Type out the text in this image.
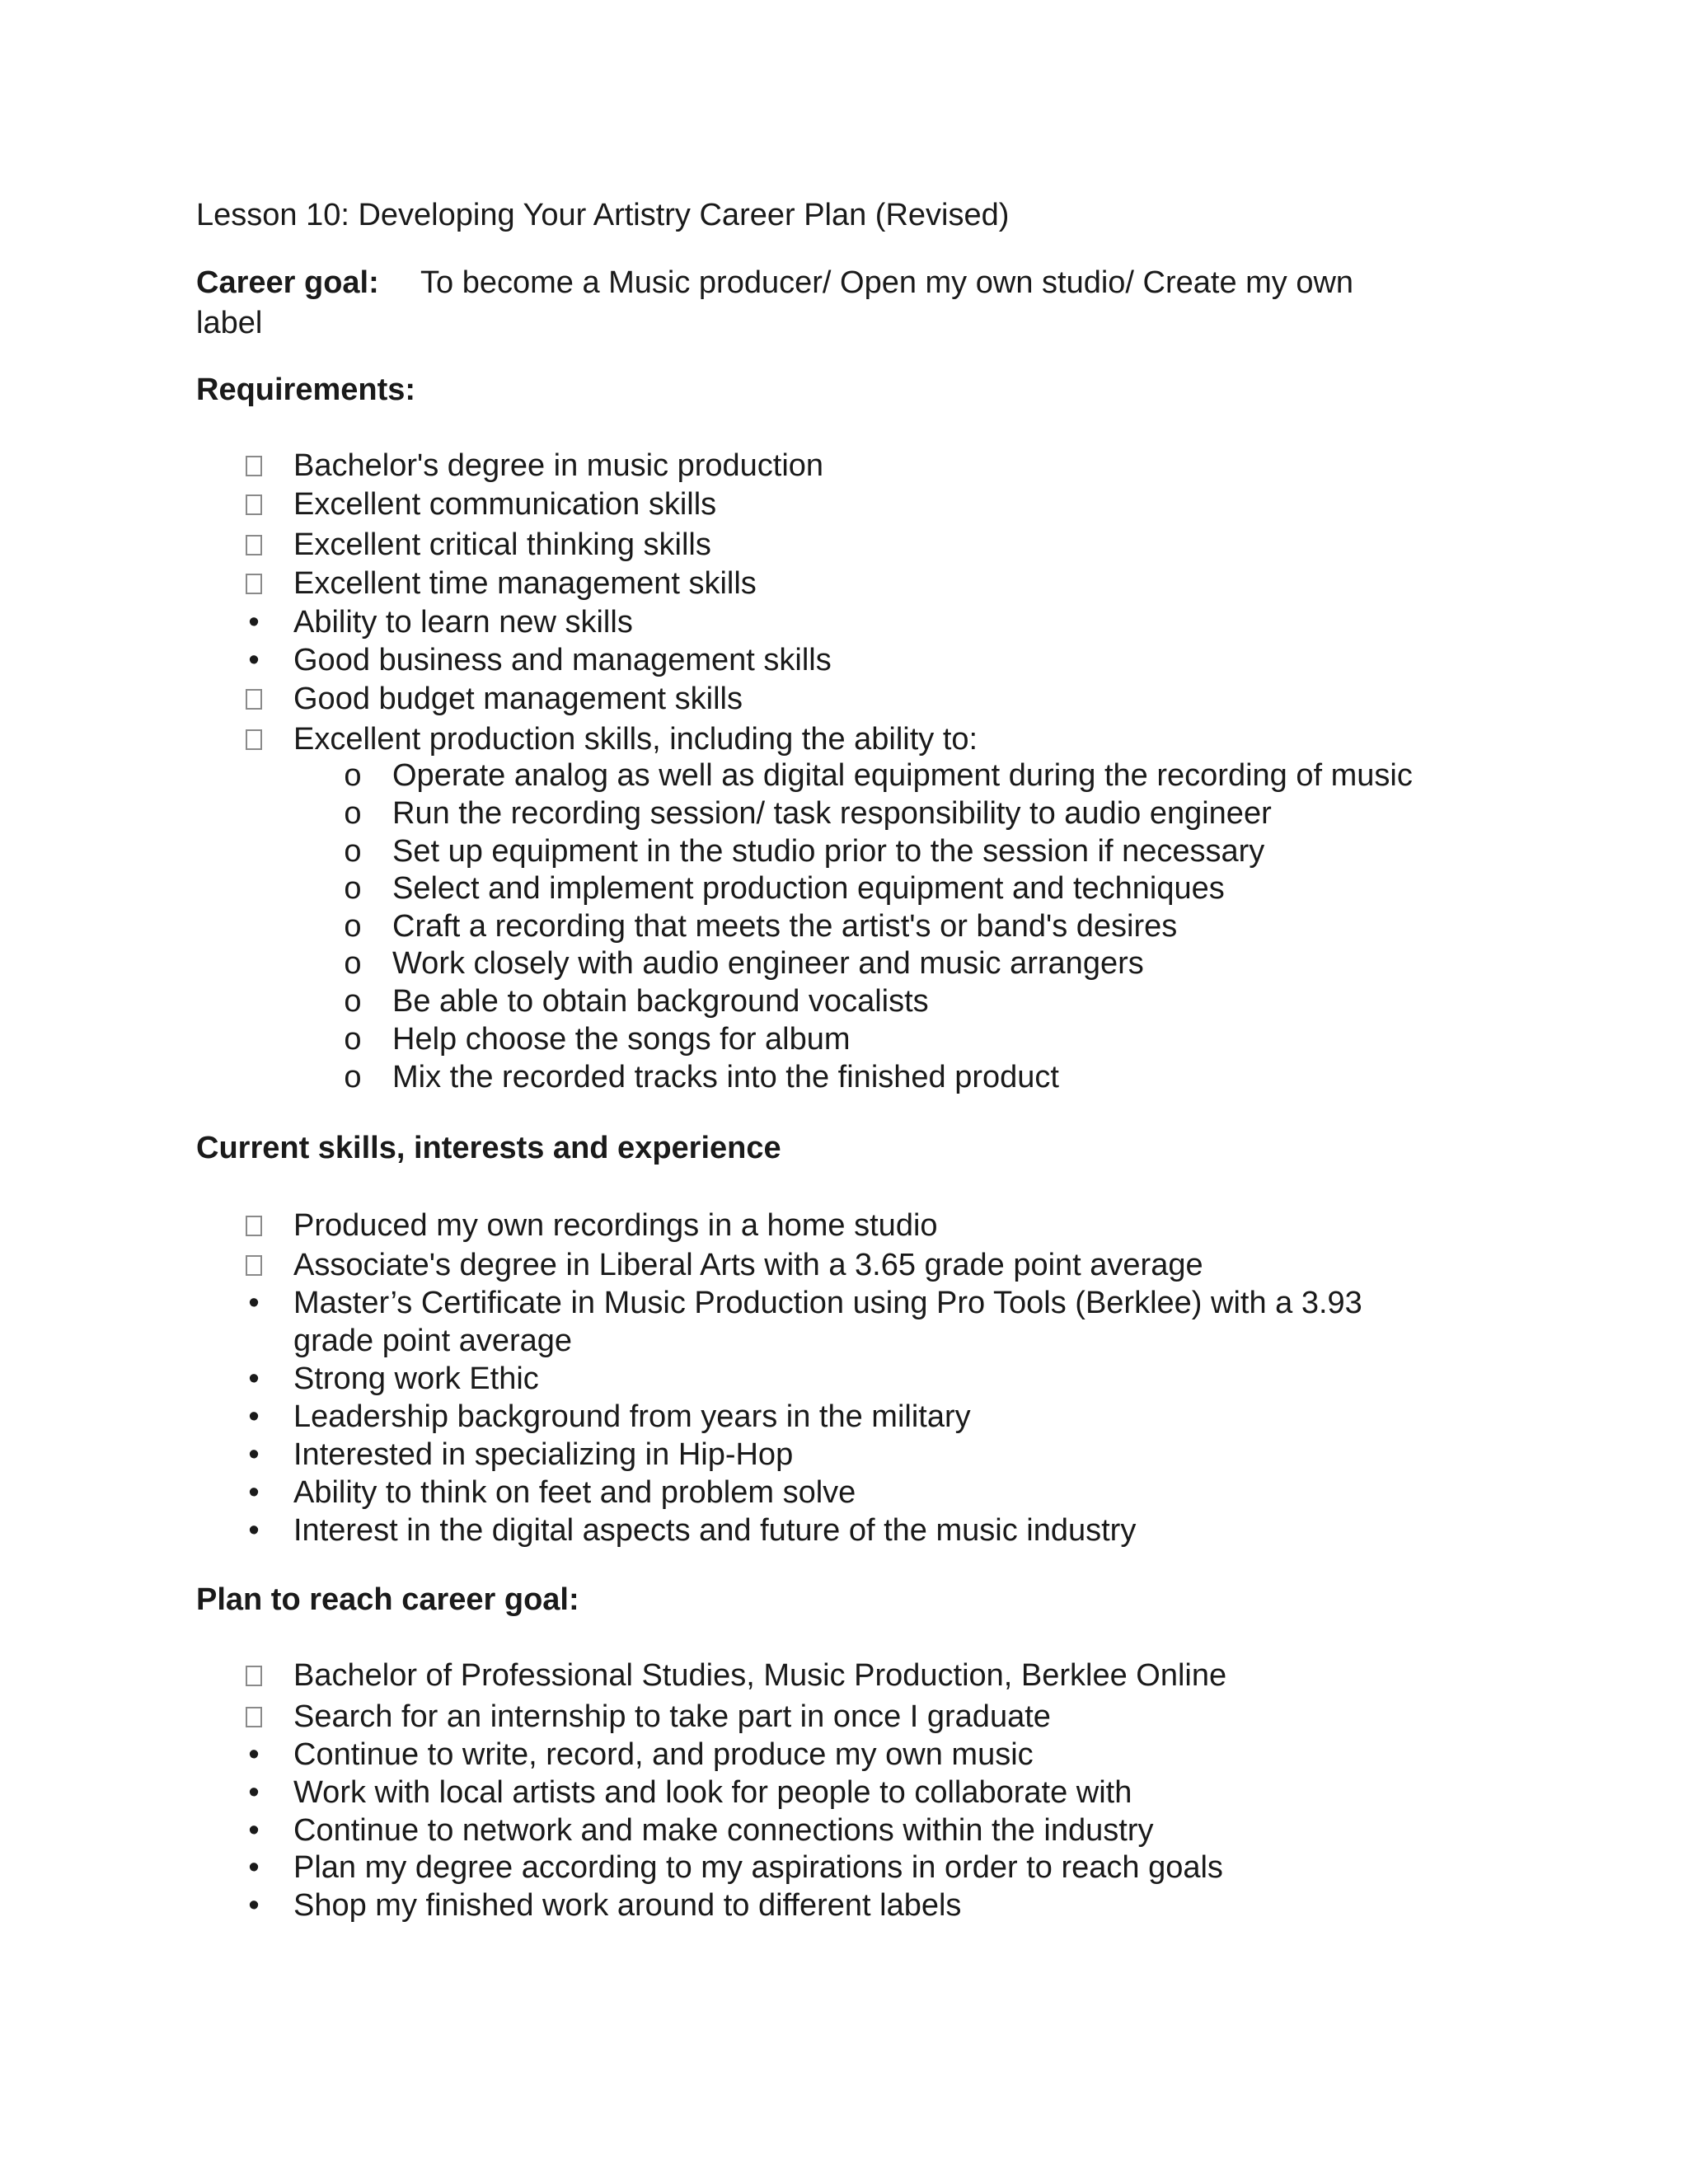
Lesson 10: Developing Your Artistry Career Plan (Revised)
Career goal: To become a Music producer/ Open my own studio/ Create my own
label
Requirements:
Bachelor's degree in music production
Excellent communication skills
Excellent critical thinking skills
Excellent time management skills
•	Ability to learn new skills
•	Good business and management skills
Good budget management skills
Excellent production skills, including the ability to:
o Operate analog as well as digital equipment during the recording of music
o Run the recording session/ task responsibility to audio engineer
o Set up equipment in the studio prior to the session if necessary
o Select and implement production equipment and techniques
o Craft a recording that meets the artist's or band's desires
o Work closely with audio engineer and music arrangers
o Be able to obtain background vocalists
o Help choose the songs for album
o Mix the recorded tracks into the finished product
Current skills, interests and experience
Produced my own recordings in a home studio
Associate's degree in Liberal Arts with a 3.65 grade point average
•	Master’s Certificate in Music Production using Pro Tools (Berklee) with a 3.93
grade point average
•	Strong work Ethic
•	Leadership background from years in the military
•	Interested in specializing in Hip-Hop
•	Ability to think on feet and problem solve
•	Interest in the digital aspects and future of the music industry
Plan to reach career goal:
Bachelor of Professional Studies, Music Production, Berklee Online
Search for an internship to take part in once I graduate
•	Continue to write, record, and produce my own music
•	Work with local artists and look for people to collaborate with
•	Continue to network and make connections within the industry
•	Plan my degree according to my aspirations in order to reach goals
•	Shop my finished work around to different labels
